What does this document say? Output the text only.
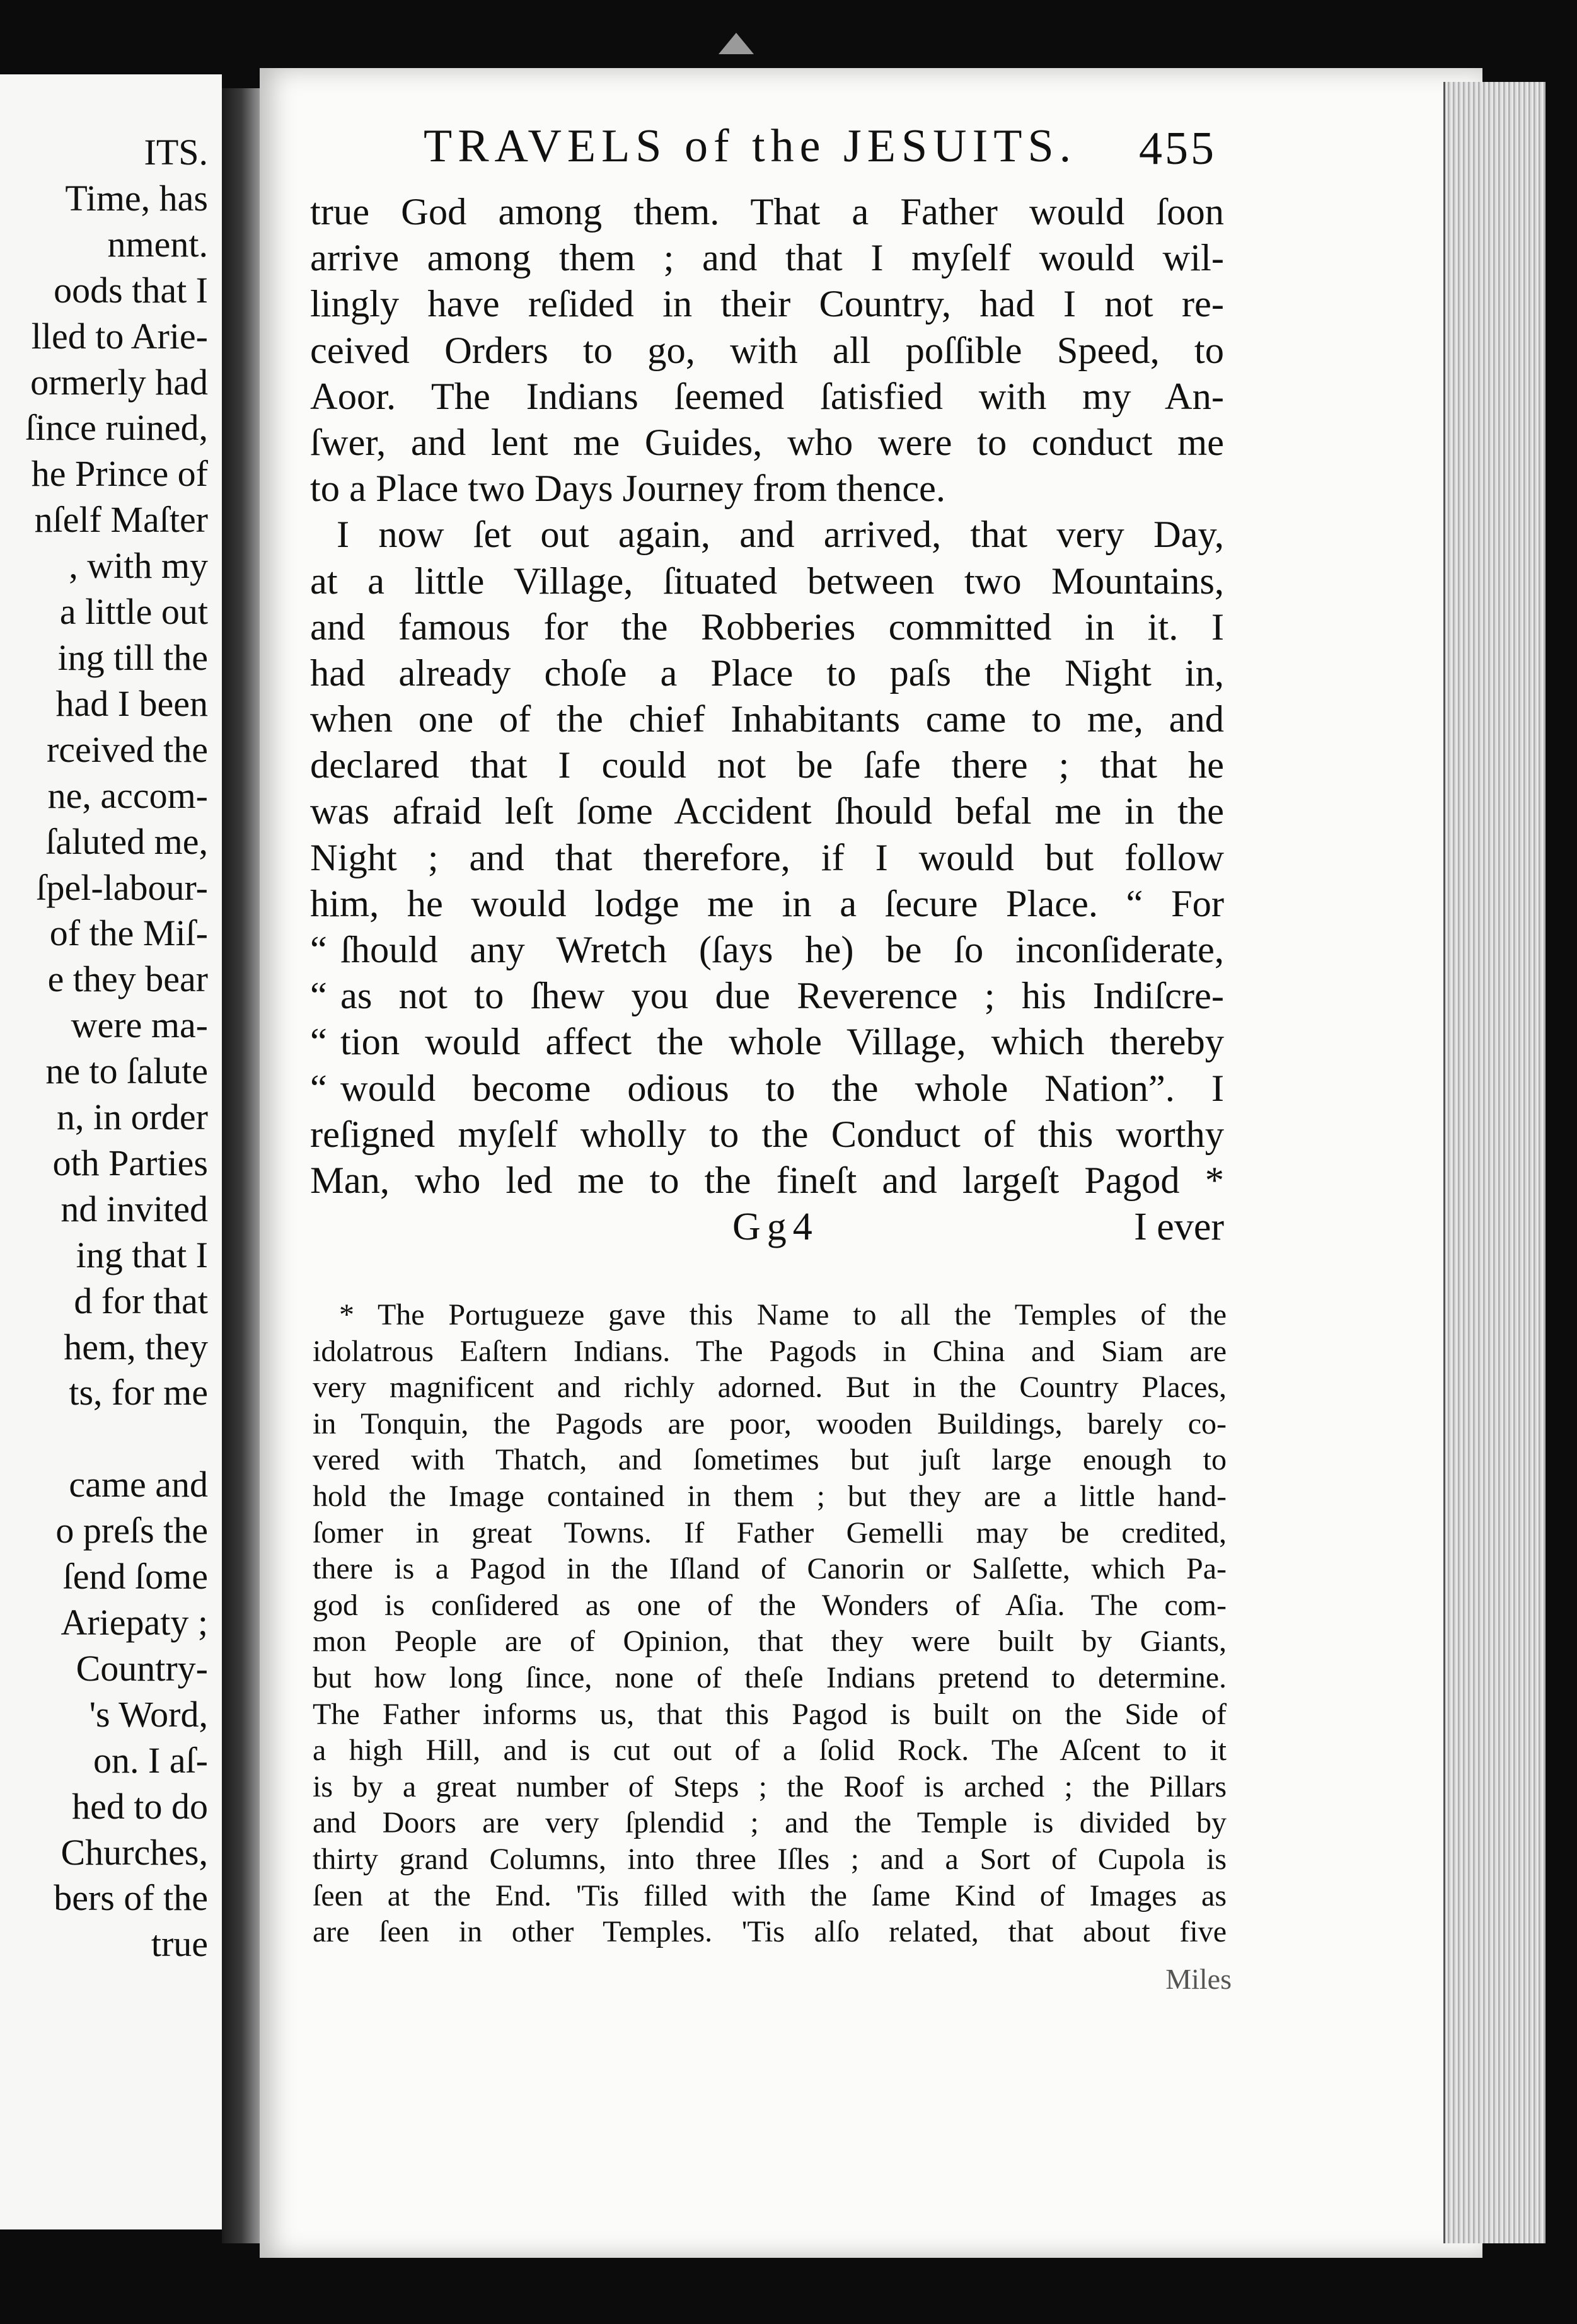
ITS.
Time, has
nment.
oods that I
lled to Arie-
ormerly had
ſince ruined,
he Prince of
nſelf Maſter
, with my
a little out
ing till the
had I been
rceived the
ne, accom-
ſaluted me,
ſpel-labour-
of the Miſ-
e they bear
were ma-
ne to ſalute
n, in order
oth Parties
nd invited
ing that I
d for that
hem, they
ts, for me

came and
o preſs the
ſend ſome
Ariepaty ;
Country-
's Word,
on. I aſ-
hed to do
Churches,
bers of the
true
TRAVELS of the JESUITS. 455
true God among them. That a Father would ſoon
arrive among them ; and that I myſelf would wil-
lingly have reſided in their Country, had I not re-
ceived Orders to go, with all poſſible Speed, to
Aoor. The Indians ſeemed ſatisfied with my An-
ſwer, and lent me Guides, who were to conduct me
to a Place two Days Journey from thence.
I now ſet out again, and arrived, that very Day,
at a little Village, ſituated between two Mountains,
and famous for the Robberies committed in it. I
had already choſe a Place to paſs the Night in,
when one of the chief Inhabitants came to me, and
declared that I could not be ſafe there ; that he
was afraid leſt ſome Accident ſhould befal me in the
Night ; and that therefore, if I would but follow
him, he would lodge me in a ſecure Place. “ For
“ ſhould any Wretch (ſays he) be ſo inconſiderate,
“ as not to ſhew you due Reverence ; his Indiſcre-
“ tion would affect the whole Village, which thereby
“ would become odious to the whole Nation”. I
reſigned myſelf wholly to the Conduct of this worthy
Man, who led me to the fineſt and largeſt Pagod *
Gg4	I ever
* The Portugueze gave this Name to all the Temples of the
idolatrous Eaſtern Indians. The Pagods in China and Siam are
very magnificent and richly adorned. But in the Country Places,
in Tonquin, the Pagods are poor, wooden Buildings, barely co-
vered with Thatch, and ſometimes but juſt large enough to
hold the Image contained in them ; but they are a little hand-
ſomer in great Towns. If Father Gemelli may be credited,
there is a Pagod in the Iſland of Canorin or Salſette, which Pa-
god is conſidered as one of the Wonders of Aſia. The com-
mon People are of Opinion, that they were built by Giants,
but how long ſince, none of theſe Indians pretend to determine.
The Father informs us, that this Pagod is built on the Side of
a high Hill, and is cut out of a ſolid Rock. The Aſcent to it
is by a great number of Steps ; the Roof is arched ; the Pillars
and Doors are very ſplendid ; and the Temple is divided by
thirty grand Columns, into three Iſles ; and a Sort of Cupola is
ſeen at the End. 'Tis filled with the ſame Kind of Images as
are ſeen in other Temples. 'Tis alſo related, that about five
Miles
